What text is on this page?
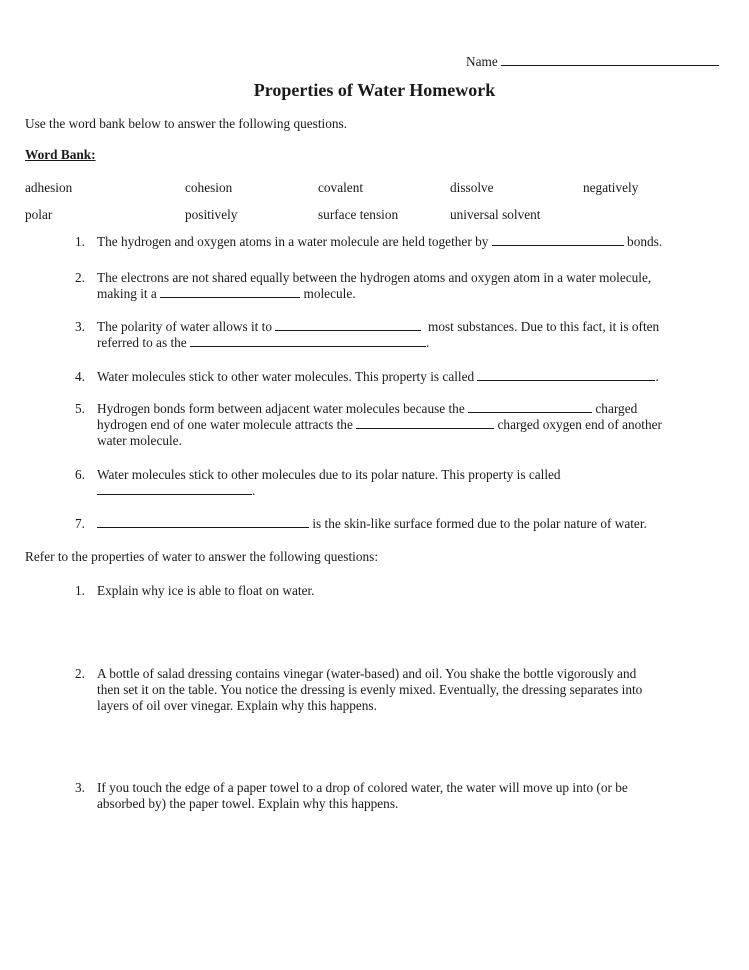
Name
Properties of Water Homework
Use the word bank below to answer the following questions.
Word Bank:
adhesion	cohesion	covalent	dissolve	negatively
polar	positively	surface tension	universal solvent
1. The hydrogen and oxygen atoms in a water molecule are held together by	bonds.
2. The electrons are not shared equally between the hydrogen atoms and oxygen atom in a water molecule,
making it a	molecule.
3. The polarity of water allows it to	most substances. Due to this fact, it is often
referred to as the	.
4. Water molecules stick to other water molecules. This property is called	.
5. Hydrogen bonds form between adjacent water molecules because the	charged
hydrogen end of one water molecule attracts the	charged oxygen end of another
water molecule.
6. Water molecules stick to other molecules due to its polar nature. This property is called
.
7.	is the skin-like surface formed due to the polar nature of water.
Refer to the properties of water to answer the following questions:
1. Explain why ice is able to float on water.
2. A bottle of salad dressing contains vinegar (water-based) and oil. You shake the bottle vigorously and
then set it on the table. You notice the dressing is evenly mixed. Eventually, the dressing separates into
layers of oil over vinegar. Explain why this happens.
3. If you touch the edge of a paper towel to a drop of colored water, the water will move up into (or be
absorbed by) the paper towel. Explain why this happens.
